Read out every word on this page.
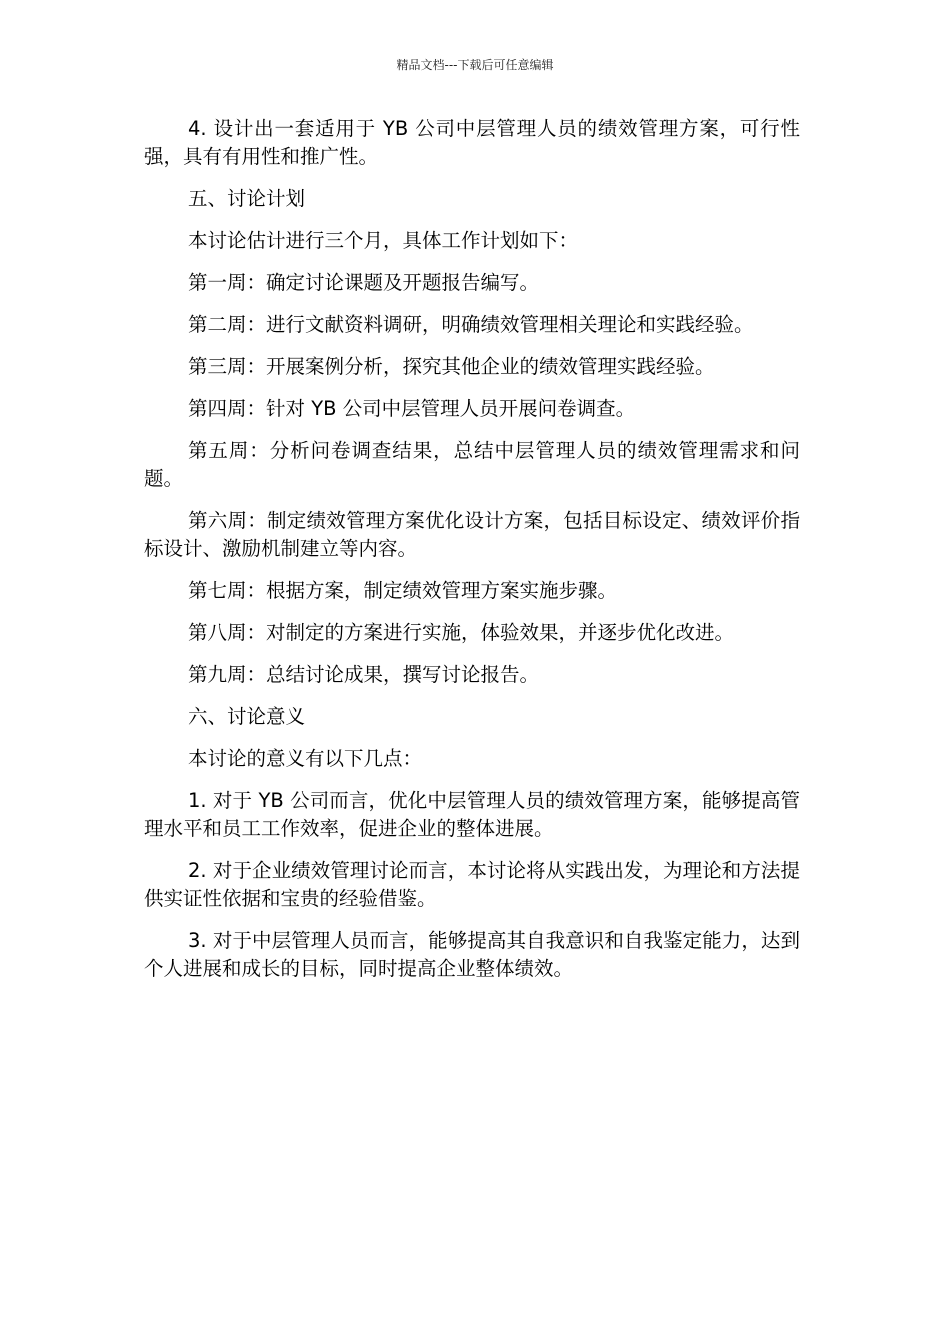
精品文档---下载后可任意编辑

4. 设计出一套适用于 YB 公司中层管理人员的绩效管理方案，可行性强，具有有用性和推广性。

五、讨论计划

本讨论估计进行三个月，具体工作计划如下：

第一周：确定讨论课题及开题报告编写。

第二周：进行文献资料调研，明确绩效管理相关理论和实践经验。

第三周：开展案例分析，探究其他企业的绩效管理实践经验。

第四周：针对 YB 公司中层管理人员开展问卷调查。

第五周：分析问卷调查结果，总结中层管理人员的绩效管理需求和问题。

第六周：制定绩效管理方案优化设计方案，包括目标设定、绩效评价指标设计、激励机制建立等内容。

第七周：根据方案，制定绩效管理方案实施步骤。

第八周：对制定的方案进行实施，体验效果，并逐步优化改进。

第九周：总结讨论成果，撰写讨论报告。

六、讨论意义

本讨论的意义有以下几点：

1. 对于 YB 公司而言，优化中层管理人员的绩效管理方案，能够提高管理水平和员工工作效率，促进企业的整体进展。

2. 对于企业绩效管理讨论而言，本讨论将从实践出发，为理论和方法提供实证性依据和宝贵的经验借鉴。

3. 对于中层管理人员而言，能够提高其自我意识和自我鉴定能力，达到个人进展和成长的目标，同时提高企业整体绩效。
